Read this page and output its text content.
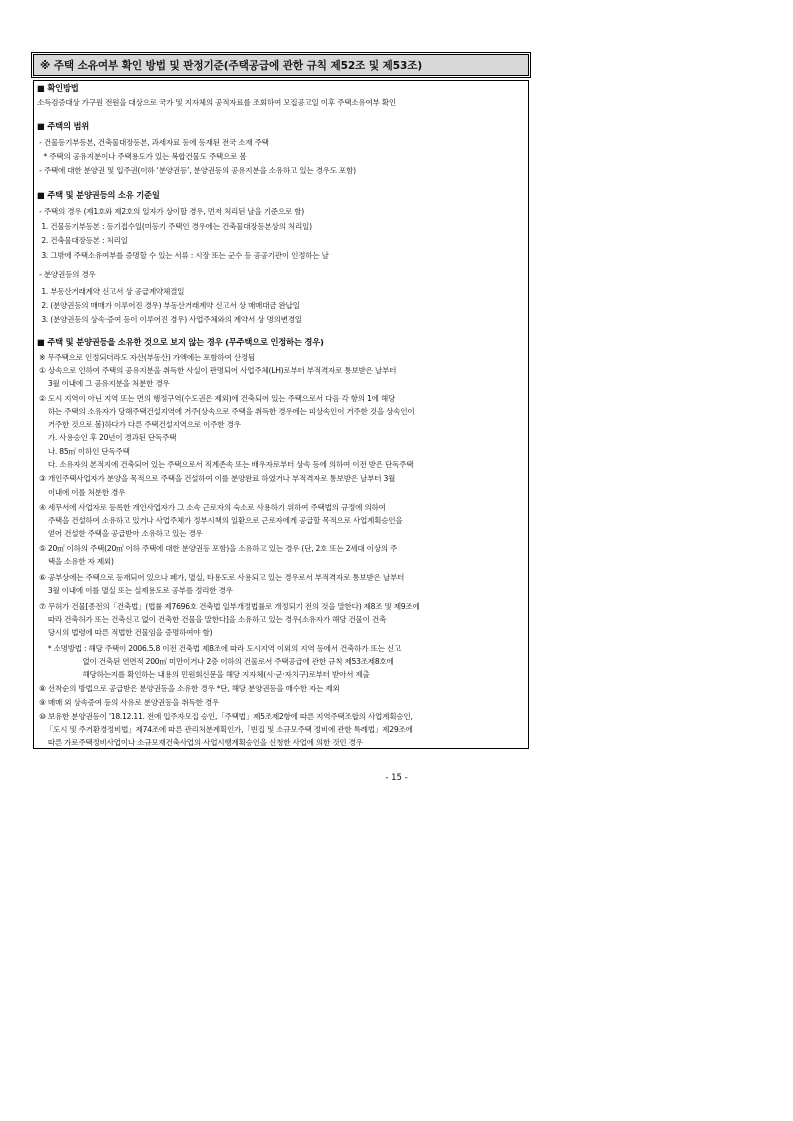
※ 주택 소유여부 확인 방법 및 판정기준(주택공급에 관한 규칙 제52조 및 제53조)
■ 확인방법
소득검증대상 가구원 전원을 대상으로 국가 및 지자체의 공적자료를 조회하여 모집공고일 이후 주택소유여부 확인
■ 주택의 범위
- 건물등기부등본, 건축물대장등본, 과세자료 등에 등재된 전국 소재 주택
* 주택의 공유지분이나 주택용도가 있는 복합건물도 주택으로 봄
- 주택에 대한 분양권 및 입주권(이하 ‘분양권등’, 분양권등의 공유지분을 소유하고 있는 경우도 포함)
■ 주택 및 분양권등의 소유 기준일
- 주택의 경우 (제1호와 제2호의 일자가 상이할 경우, 먼저 처리된 날을 기준으로 함)
1. 건물등기부등본 : 등기접수일(미등기 주택인 경우에는 건축물대장등본상의 처리일)
2. 건축물대장등본 : 처리일
3. 그밖에 주택소유여부를 증명할 수 있는 서류 : 시장 또는 군수 등 공공기관이 인정하는 날
- 분양권등의 경우
1. 부동산거래계약 신고서 상 공급계약체결일
2. (분양권등의 매매가 이루어진 경우) 부동산거래계약 신고서 상 매매대금 완납일
3. (분양권등의 상속·증여 등이 이루어진 경우) 사업주체와의 계약서 상 명의변경일
■ 주택 및 분양권등을 소유한 것으로 보지 않는 경우 (무주택으로 인정하는 경우)
※ 무주택으로 인정되더라도 자산(부동산) 가액에는 포함하여 산정됨
① 상속으로 인하여 주택의 공유지분을 취득한 사실이 판명되어 사업주체(LH)로부터 부적격자로 통보받은 날부터
3월 이내에 그 공유지분을 처분한 경우
② 도시 지역이 아닌 지역 또는 면의 행정구역(수도권은 제외)에 건축되어 있는 주택으로서 다음 각 항의 1에 해당
하는 주택의 소유자가 당해주택건설지역에 거주(상속으로 주택을 취득한 경우에는 피상속인이 거주한 것을 상속인이
거주한 것으로 봄)하다가 다른 주택건설지역으로 이주한 경우
가. 사용승인 후 20년이 경과된 단독주택
나. 85㎡ 이하인 단독주택
다. 소유자의 본적지에 건축되어 있는 주택으로서 직계존속 또는 배우자로부터 상속 등에 의하여 이전 받은 단독주택
③ 개인주택사업자가 분양을 목적으로 주택을 건설하여 이를 분양완료 하였거나 부적격자로 통보받은 날부터 3월
이내에 이를 처분한 경우
④ 세무서에 사업자로 등록한 개인사업자가 그 소속 근로자의 숙소로 사용하기 위하여 주택법의 규정에 의하여
주택을 건설하여 소유하고 있거나 사업주체가 정부시책의 일환으로 근로자에게 공급할 목적으로 사업계획승인을
얻어 건설한 주택을 공급받아 소유하고 있는 경우
⑤ 20㎡ 이하의 주택(20㎡ 이하 주택에 대한 분양권등 포함)을 소유하고 있는 경우 (단, 2호 또는 2세대 이상의 주
택을 소유한 자 제외)
⑥ 공부상에는 주택으로 등재되어 있으나 폐가, 멸실, 타용도로 사용되고 있는 경우로서 부적격자로 통보받은 날부터
3월 이내에 이를 멸실 또는 실제용도로 공부를 정리한 경우
⑦ 무허가 건물[종전의「건축법」(법률 제7696호 건축법 일부개정법률로 개정되기 전의 것을 말한다) 제8조 및 제9조에
따라 건축허가 또는 건축신고 없이 건축한 건물을 말한다]을 소유하고 있는 경우(소유자가 해당 건물이 건축
당시의 법령에 따른 적법한 건물임을 증명하여야 함)
* 소명방법 : 해당 주택이 2006.5.8 이전 건축법 제8조에 따라 도시지역 이외의 지역 등에서 건축하가 또는 신고
없이 건축된 연면적 200㎡ 미만이거나 2층 이하의 건물로서 주택공급에 관한 규칙 제53조제8호에
해당하는지를 확인하는 내용의 민원회신문을 해당 지자체(시·군·자치구)로부터 받아서 제출
⑧ 선착순의 방법으로 공급받은 분양권등을 소유한 경우 *단, 해당 분양권등을 매수한 자는 제외
⑨ 매매 외 상속증여 등의 사유로 분양권등을 취득한 경우
⑩ 보유한 분양권등이 '18.12.11. 전에 입주자모집 승인,「주택법」제5조제2항에 따른 지역주택조합의 사업계획승인,
「도시 및 주거환경정비법」제74조에 따른 관리처분계획인가,「빈집 및 소규모주택 정비에 관한 특례법」제29조에
따른 가로주택정비사업이나 소규모재건축사업의 사업시행계획승인을 신청한 사업에 의한 것인 경우
- 15 -
